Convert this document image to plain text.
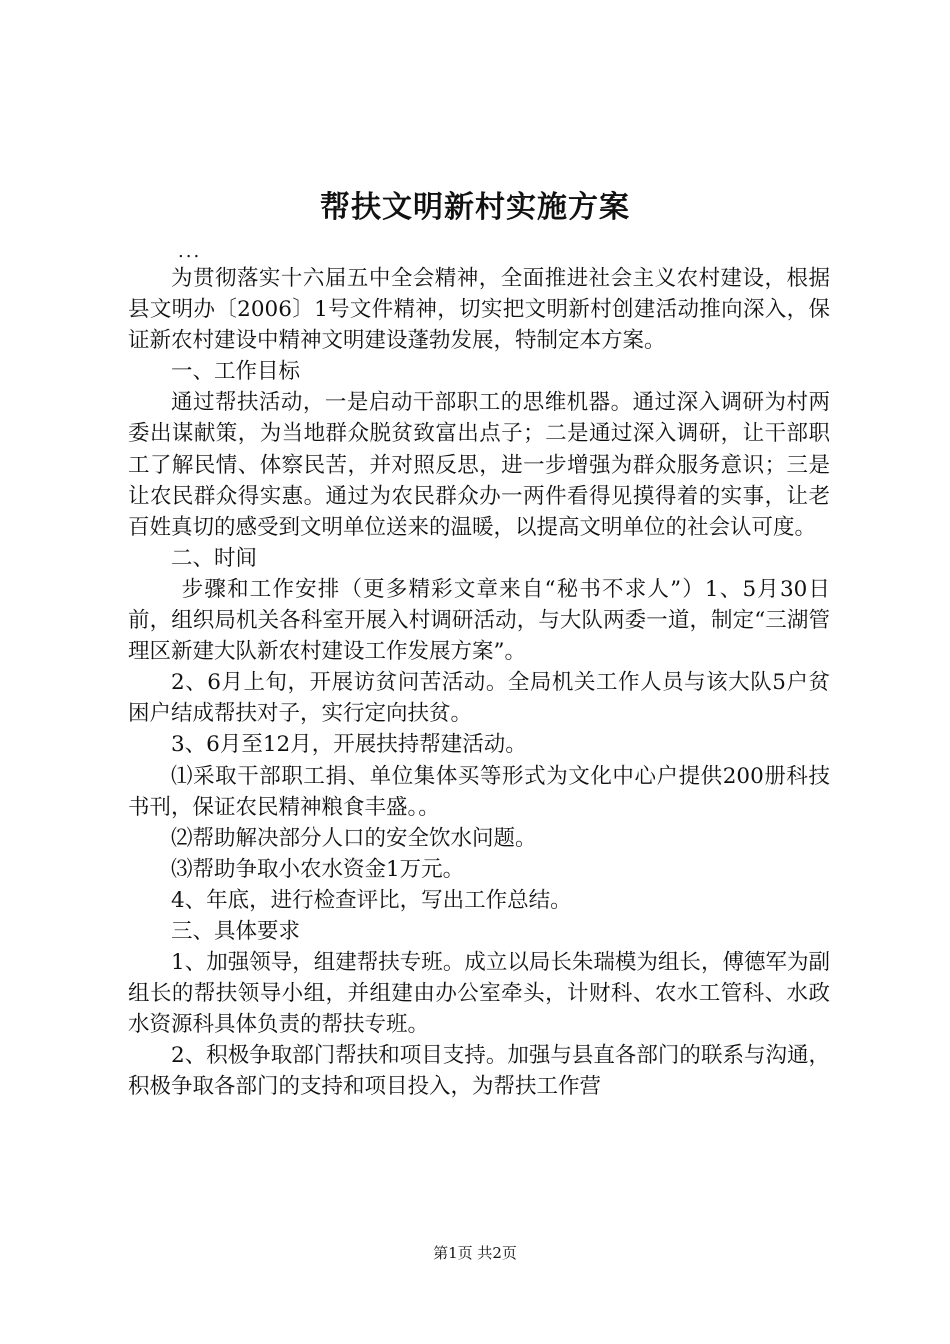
帮扶文明新村实施方案
...

为贯彻落实十六届五中全会精神，全面推进社会主义农村建设，根据县文明办〔2006〕1号文件精神，切实把文明新村创建活动推向深入，保证新农村建设中精神文明建设蓬勃发展，特制定本方案。

一、工作目标

通过帮扶活动，一是启动干部职工的思维机器。通过深入调研为村两委出谋献策，为当地群众脱贫致富出点子；二是通过深入调研，让干部职工了解民情、体察民苦，并对照反思，进一步增强为群众服务意识；三是让农民群众得实惠。通过为农民群众办一两件看得见摸得着的实事，让老百姓真切的感受到文明单位送来的温暖，以提高文明单位的社会认可度。

二、时间

步骤和工作安排（更多精彩文章来自“秘书不求人”）1、5月30日前，组织局机关各科室开展入村调研活动，与大队两委一道，制定“三湖管理区新建大队新农村建设工作发展方案”。

2、6月上旬，开展访贫问苦活动。全局机关工作人员与该大队5户贫困户结成帮扶对子，实行定向扶贫。

3、6月至12月，开展扶持帮建活动。

⑴采取干部职工捐、单位集体买等形式为文化中心户提供200册科技书刊，保证农民精神粮食丰盛。。

⑵帮助解决部分人口的安全饮水问题。

⑶帮助争取小农水资金1万元。

4、年底，进行检查评比，写出工作总结。

三、具体要求

1、加强领导，组建帮扶专班。成立以局长朱瑞模为组长，傅德军为副组长的帮扶领导小组，并组建由办公室牵头，计财科、农水工管科、水政水资源科具体负责的帮扶专班。

2、积极争取部门帮扶和项目支持。加强与县直各部门的联系与沟通，积极争取各部门的支持和项目投入，为帮扶工作营

第1页 共2页
